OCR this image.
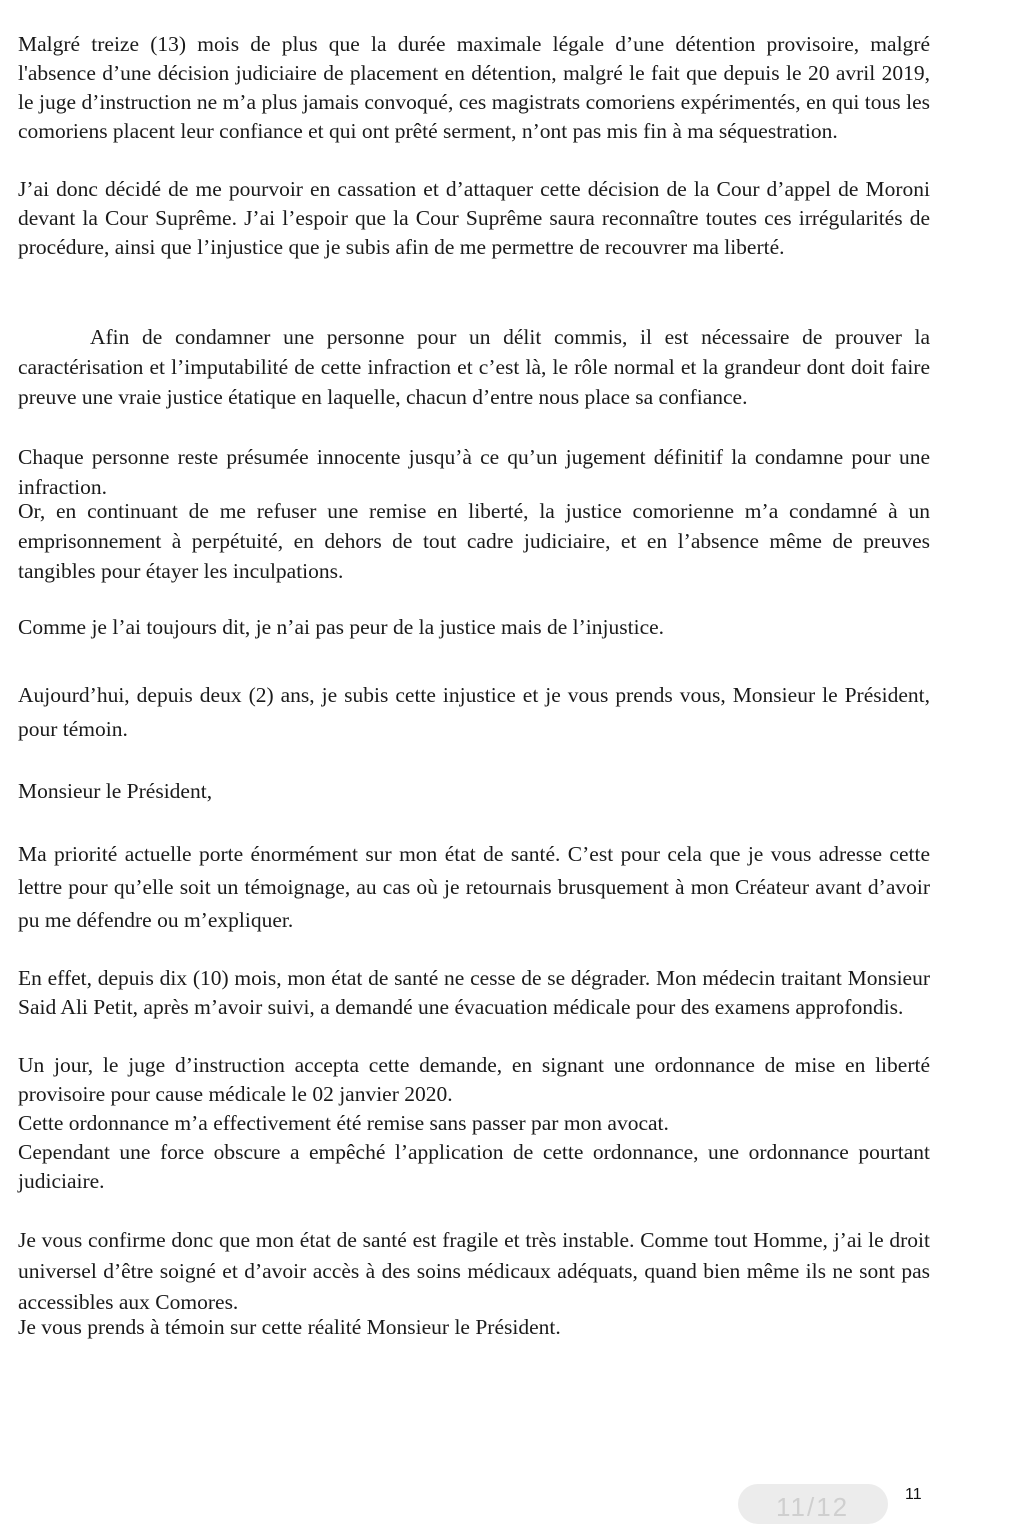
Malgré treize (13) mois de plus que la durée maximale légale d’une détention provisoire, malgré l'absence d’une décision judiciaire de placement en détention, malgré le fait que depuis le 20 avril 2019, le juge d’instruction ne m’a plus jamais convoqué, ces magistrats comoriens expérimentés, en qui tous les comoriens placent leur confiance et qui ont prêté serment, n’ont pas mis fin à ma séquestration.

J’ai donc décidé de me pourvoir en cassation et d’attaquer cette décision de la Cour d’appel de Moroni devant la Cour Suprême. J’ai l’espoir que la Cour Suprême saura reconnaître toutes ces irrégularités de procédure, ainsi que l’injustice que je subis afin de me permettre de recouvrer ma liberté.

Afin de condamner une personne pour un délit commis, il est nécessaire de prouver la caractérisation et l’imputabilité de cette infraction et c’est là, le rôle normal et la grandeur dont doit faire preuve une vraie justice étatique en laquelle, chacun d’entre nous place sa confiance.

Chaque personne reste présumée innocente jusqu’à ce qu’un jugement définitif la condamne pour une infraction.

Or, en continuant de me refuser une remise en liberté, la justice comorienne m’a condamné à un emprisonnement à perpétuité, en dehors de tout cadre judiciaire, et en l’absence même de preuves tangibles pour étayer les inculpations.

Comme je l’ai toujours dit, je n’ai pas peur de la justice mais de l’injustice.

Aujourd’hui, depuis deux (2) ans, je subis cette injustice et je vous prends vous, Monsieur le Président, pour témoin.

Monsieur le Président,

Ma priorité actuelle porte énormément sur mon état de santé. C’est pour cela que je vous adresse cette lettre pour qu’elle soit un témoignage, au cas où je retournais brusquement à mon Créateur avant d’avoir pu me défendre ou m’expliquer.

En effet, depuis dix (10) mois, mon état de santé ne cesse de se dégrader. Mon médecin traitant Monsieur Said Ali Petit, après m’avoir suivi, a demandé une évacuation médicale pour des examens approfondis.

Un jour, le juge d’instruction accepta cette demande, en signant une ordonnance de mise en liberté provisoire pour cause médicale le 02 janvier 2020.

Cette ordonnance m’a effectivement été remise sans passer par mon avocat.

Cependant une force obscure a empêché l’application de cette ordonnance, une ordonnance pourtant judiciaire.

Je vous confirme donc que mon état de santé est fragile et très instable. Comme tout Homme, j’ai le droit universel d’être soigné et d’avoir accès à des soins médicaux adéquats, quand bien même ils ne sont pas accessibles aux Comores.

Je vous prends à témoin sur cette réalité Monsieur le Président.

11/12	11
